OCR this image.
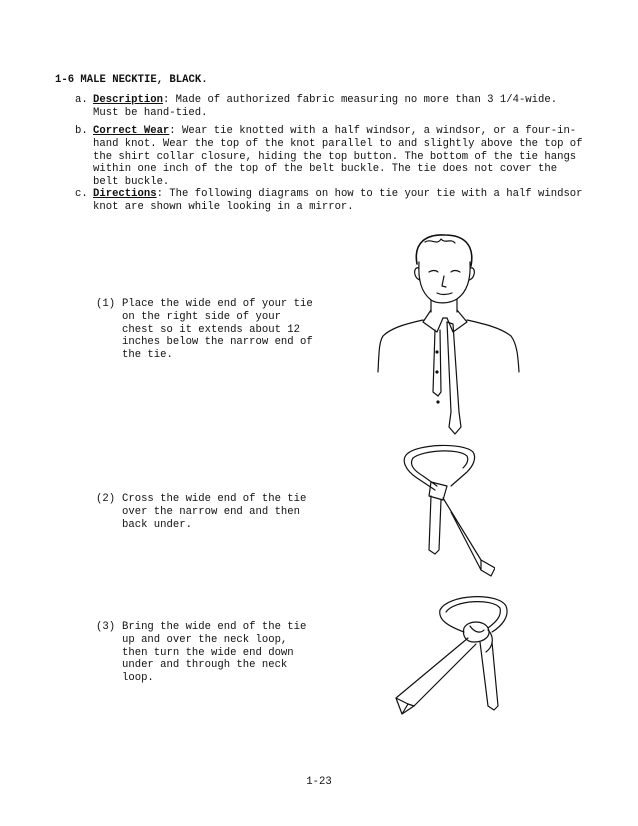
1-6 MALE NECKTIE, BLACK.
a. Description: Made of authorized fabric measuring no more than 3 1/4-wide.
Must be hand-tied.
b. Correct Wear: Wear tie knotted with a half windsor, a windsor, or a four-in-
hand knot. Wear the top of the knot parallel to and slightly above the top of
the shirt collar closure, hiding the top button. The bottom of the tie hangs
within one inch of the top of the belt buckle. The tie does not cover the
belt buckle.
c. Directions: The following diagrams on how to tie your tie with a half windsor
knot are shown while looking in a mirror.
(1) Place the wide end of your tie
on the right side of your
chest so it extends about 12
inches below the narrow end of
the tie.
(2) Cross the wide end of the tie
over the narrow end and then
back under.
(3) Bring the wide end of the tie
up and over the neck loop,
then turn the wide end down
under and through the neck
loop.
1-23
